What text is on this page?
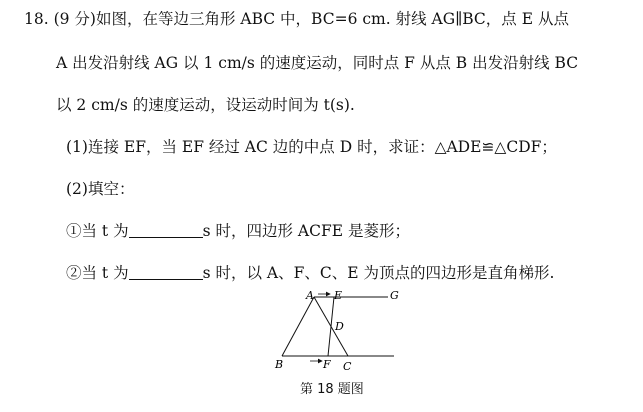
18. (9 分)如图，在等边三角形 ABC 中，BC=6 cm. 射线 AG∥BC，点 E 从点
A 出发沿射线 AG 以 1 cm/s 的速度运动，同时点 F 从点 B 出发沿射线 BC
以 2 cm/s 的速度运动，设运动时间为 t(s).
(1)连接 EF，当 EF 经过 AC 边的中点 D 时，求证：△ADE≌△CDF；
(2)填空：
①当 t 为	s 时，四边形 ACFE 是菱形；
②当 t 为	s 时，以 A、F、C、E 为顶点的四边形是直角梯形.
A E	G
D
B	F C
第 18 题图
